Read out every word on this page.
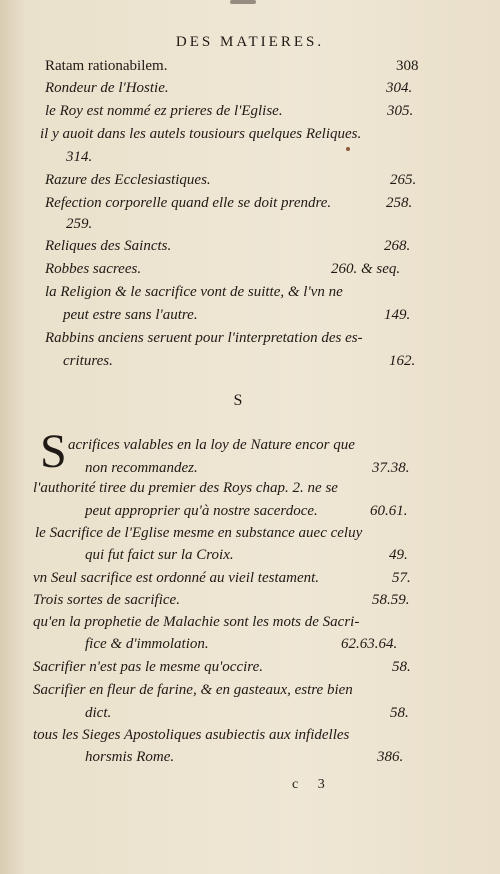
DES MATIERES.
Ratam rationabilem.	308
Rondeur de l'Hostie.	304.
le Roy est nommé ez prieres de l'Eglise.	305.
il y auoit dans les autels tousiours quelques Reliques.
314.
Razure des Ecclesiastiques.	265.
Refection corporelle quand elle se doit prendre.	258.
259.
Reliques des Saincts.	268.
Robbes sacrees.	260. & seq.
la Religion & le sacrifice vont de suitte, & l'vn ne
peut estre sans l'autre.	149.
Rabbins anciens seruent pour l'interpretation des es-
critures.	162.
S
S acrifices valables en la loy de Nature encor que
non recommandez.	37.38.
l'authorité tiree du premier des Roys chap. 2. ne se
peut approprier qu'à nostre sacerdoce.	60.61.
le Sacrifice de l'Eglise mesme en substance auec celuy
qui fut faict sur la Croix.	49.
vn Seul sacrifice est ordonné au vieil testament.	57.
Trois sortes de sacrifice.	58.59.
qu'en la prophetie de Malachie sont les mots de Sacri-
fice & d'immolation.	62.63.64.
Sacrifier n'est pas le mesme qu'occire.	58.
Sacrifier en fleur de farine, & en gasteaux, estre bien
dict.	58.
tous les Sieges Apostoliques asubiectis aux infidelles
horsmis Rome.	386.
c 3
